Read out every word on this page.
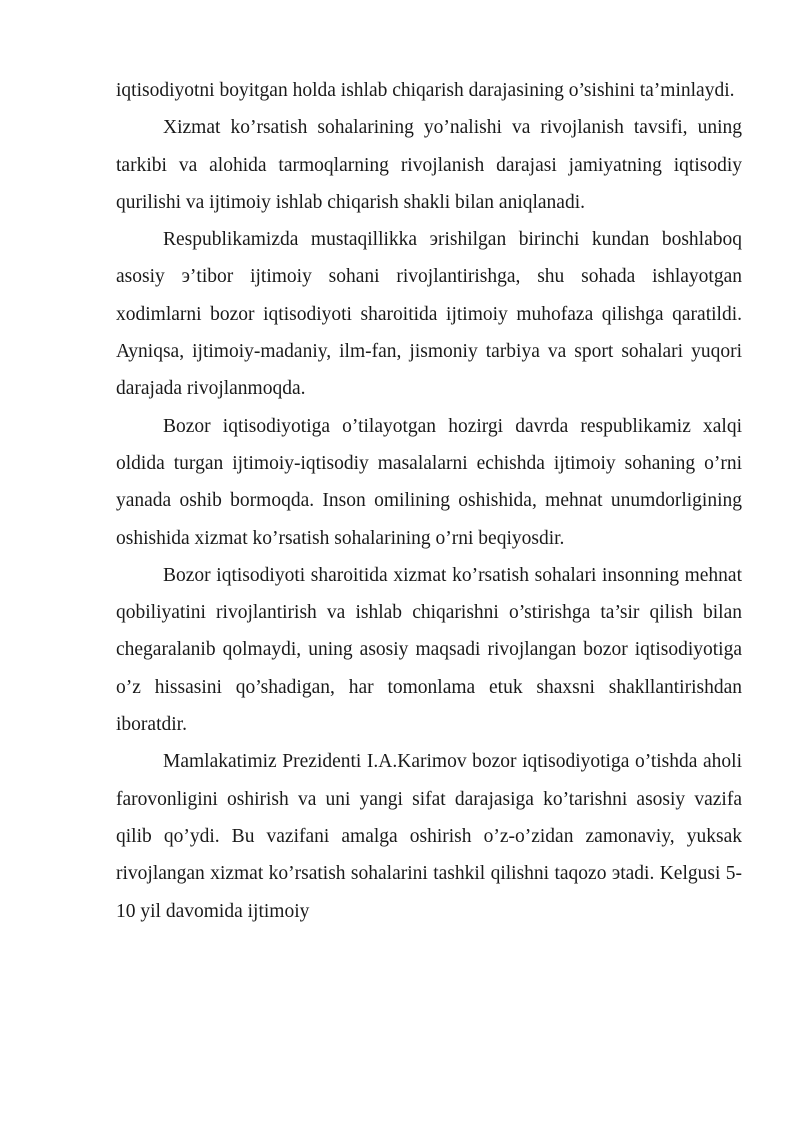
iqtisodiyotni boyitgan holda ishlab chiqarish darajasining o’sishini ta’minlaydi.

Xizmat ko’rsatish sohalarining yo’nalishi va rivojlanish tavsifi, uning tarkibi va alohida tarmoqlarning rivojlanish darajasi jamiyatning iqtisodiy qurilishi va ijtimoiy ishlab chiqarish shakli bilan aniqlanadi.

Respublikamizda mustaqillikka эrishilgan birinchi kundan boshlaboq asosiy э’tibor ijtimoiy sohani rivojlantirishga, shu sohada ishlayotgan xodimlarni bozor iqtisodiyoti sharoitida ijtimoiy muhofaza qilishga qaratildi. Ayniqsa, ijtimoiy-madaniy, ilm-fan, jismoniy tarbiya va sport sohalari yuqori darajada rivojlanmoqda.

Bozor iqtisodiyotiga o’tilayotgan hozirgi davrda respublikamiz xalqi oldida turgan ijtimoiy-iqtisodiy masalalarni echishda ijtimoiy sohaning o’rni yanada oshib bormoqda. Inson omilining oshishida, mehnat unumdorligining oshishida xizmat ko’rsatish sohalarining o’rni beqiyosdir.

Bozor iqtisodiyoti sharoitida xizmat ko’rsatish sohalari insonning mehnat qobiliyatini rivojlantirish va ishlab chiqarishni o’stirishga ta’sir qilish bilan chegaralanib qolmaydi, uning asosiy maqsadi rivojlangan bozor iqtisodiyotiga o’z hissasini qo’shadigan, har tomonlama etuk shaxsni shakllantirishdan iboratdir.

Mamlakatimiz Prezidenti I.A.Karimov bozor iqtisodiyotiga o’tishda aholi farovonligini oshirish va uni yangi sifat darajasiga ko’tarishni asosiy vazifa qilib qo’ydi. Bu vazifani amalga oshirish o’z-o’zidan zamonaviy, yuksak rivojlangan xizmat ko’rsatish sohalarini tashkil qilishni taqozo эtadi. Kelgusi 5-10 yil davomida ijtimoiy
